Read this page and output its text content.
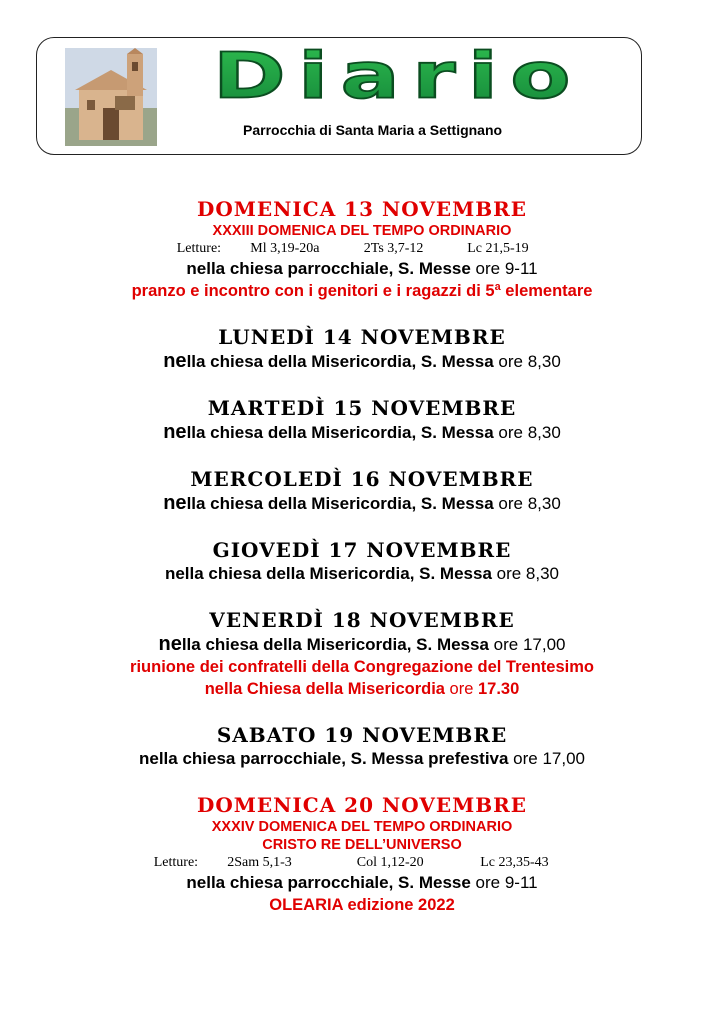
Diario
Parrocchia di Santa Maria a Settignano
DOMENICA 13 NOVEMBRE
XXXIII DOMENICA DEL TEMPO ORDINARIO
Letture: Ml 3,19-20a	2Ts 3,7-12	Lc 21,5-19
nella chiesa parrocchiale, S. Messe ore 9-11
pranzo e incontro con i genitori e i ragazzi di 5ª elementare
LUNEDÌ 14 NOVEMBRE
nella chiesa della Misericordia, S. Messa ore 8,30
MARTEDÌ 15 NOVEMBRE
nella chiesa della Misericordia, S. Messa ore 8,30
MERCOLEDÌ 16 NOVEMBRE
nella chiesa della Misericordia, S. Messa ore 8,30
GIOVEDÌ 17 NOVEMBRE
nella chiesa della Misericordia, S. Messa ore 8,30
VENERDÌ 18 NOVEMBRE
nella chiesa della Misericordia, S. Messa ore 17,00
riunione dei confratelli della Congregazione del Trentesimo
nella Chiesa della Misericordia ore 17.30
SABATO 19 NOVEMBRE
nella chiesa parrocchiale, S. Messa prefestiva ore 17,00
DOMENICA 20 NOVEMBRE
XXXIV DOMENICA DEL TEMPO ORDINARIO
CRISTO RE DELL’UNIVERSO
Letture: 2Sam 5,1-3	Col 1,12-20	Lc 23,35-43
nella chiesa parrocchiale, S. Messe ore 9-11
OLEARIA edizione 2022
